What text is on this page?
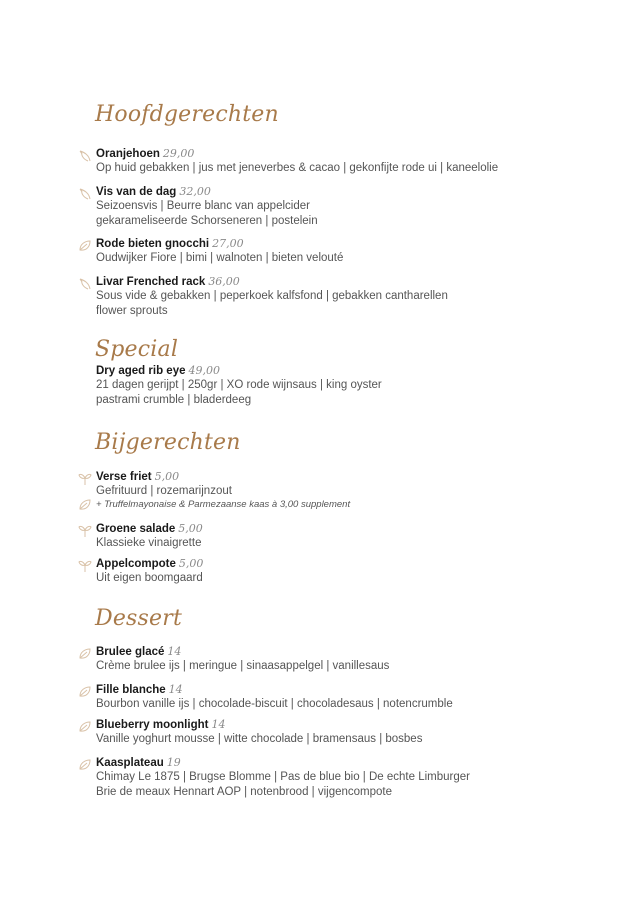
Hoofdgerechten
Oranjehoen 29,00
Op huid gebakken | jus met jeneverbes & cacao | gekonfijte rode ui | kaneelolie
Vis van de dag 32,00
Seizoensvis | Beurre blanc van appelcider
gekarameliseerde Schorseneren | postelein
Rode bieten gnocchi 27,00
Oudwijker Fiore | bimi | walnoten | bieten velouté
Livar Frenched rack 36,00
Sous vide & gebakken | peperkoek kalfsfond | gebakken cantharellen
flower sprouts
Special
Dry aged rib eye 49,00
21 dagen gerijpt | 250gr | XO rode wijnsaus | king oyster
pastrami crumble | bladerdeeg
Bijgerechten
Verse friet 5,00
Gefrituurd | rozemarijnzout
+ Truffelmayonaise & Parmezaanse kaas à 3,00 supplement
Groene salade 5,00
Klassieke vinaigrette
Appelcompote 5,00
Uit eigen boomgaard
Dessert
Brulee glacé 14
Crème brulee ijs | meringue | sinaasappelgel | vanillesaus
Fille blanche 14
Bourbon vanille ijs | chocolade-biscuit | chocoladesaus | notencrumble
Blueberry moonlight 14
Vanille yoghurt mousse | witte chocolade | bramensaus | bosbes
Kaasplateau 19
Chimay Le 1875 | Brugse Blomme | Pas de blue bio | De echte Limburger
Brie de meaux Hennart AOP | notenbrood | vijgencompote
